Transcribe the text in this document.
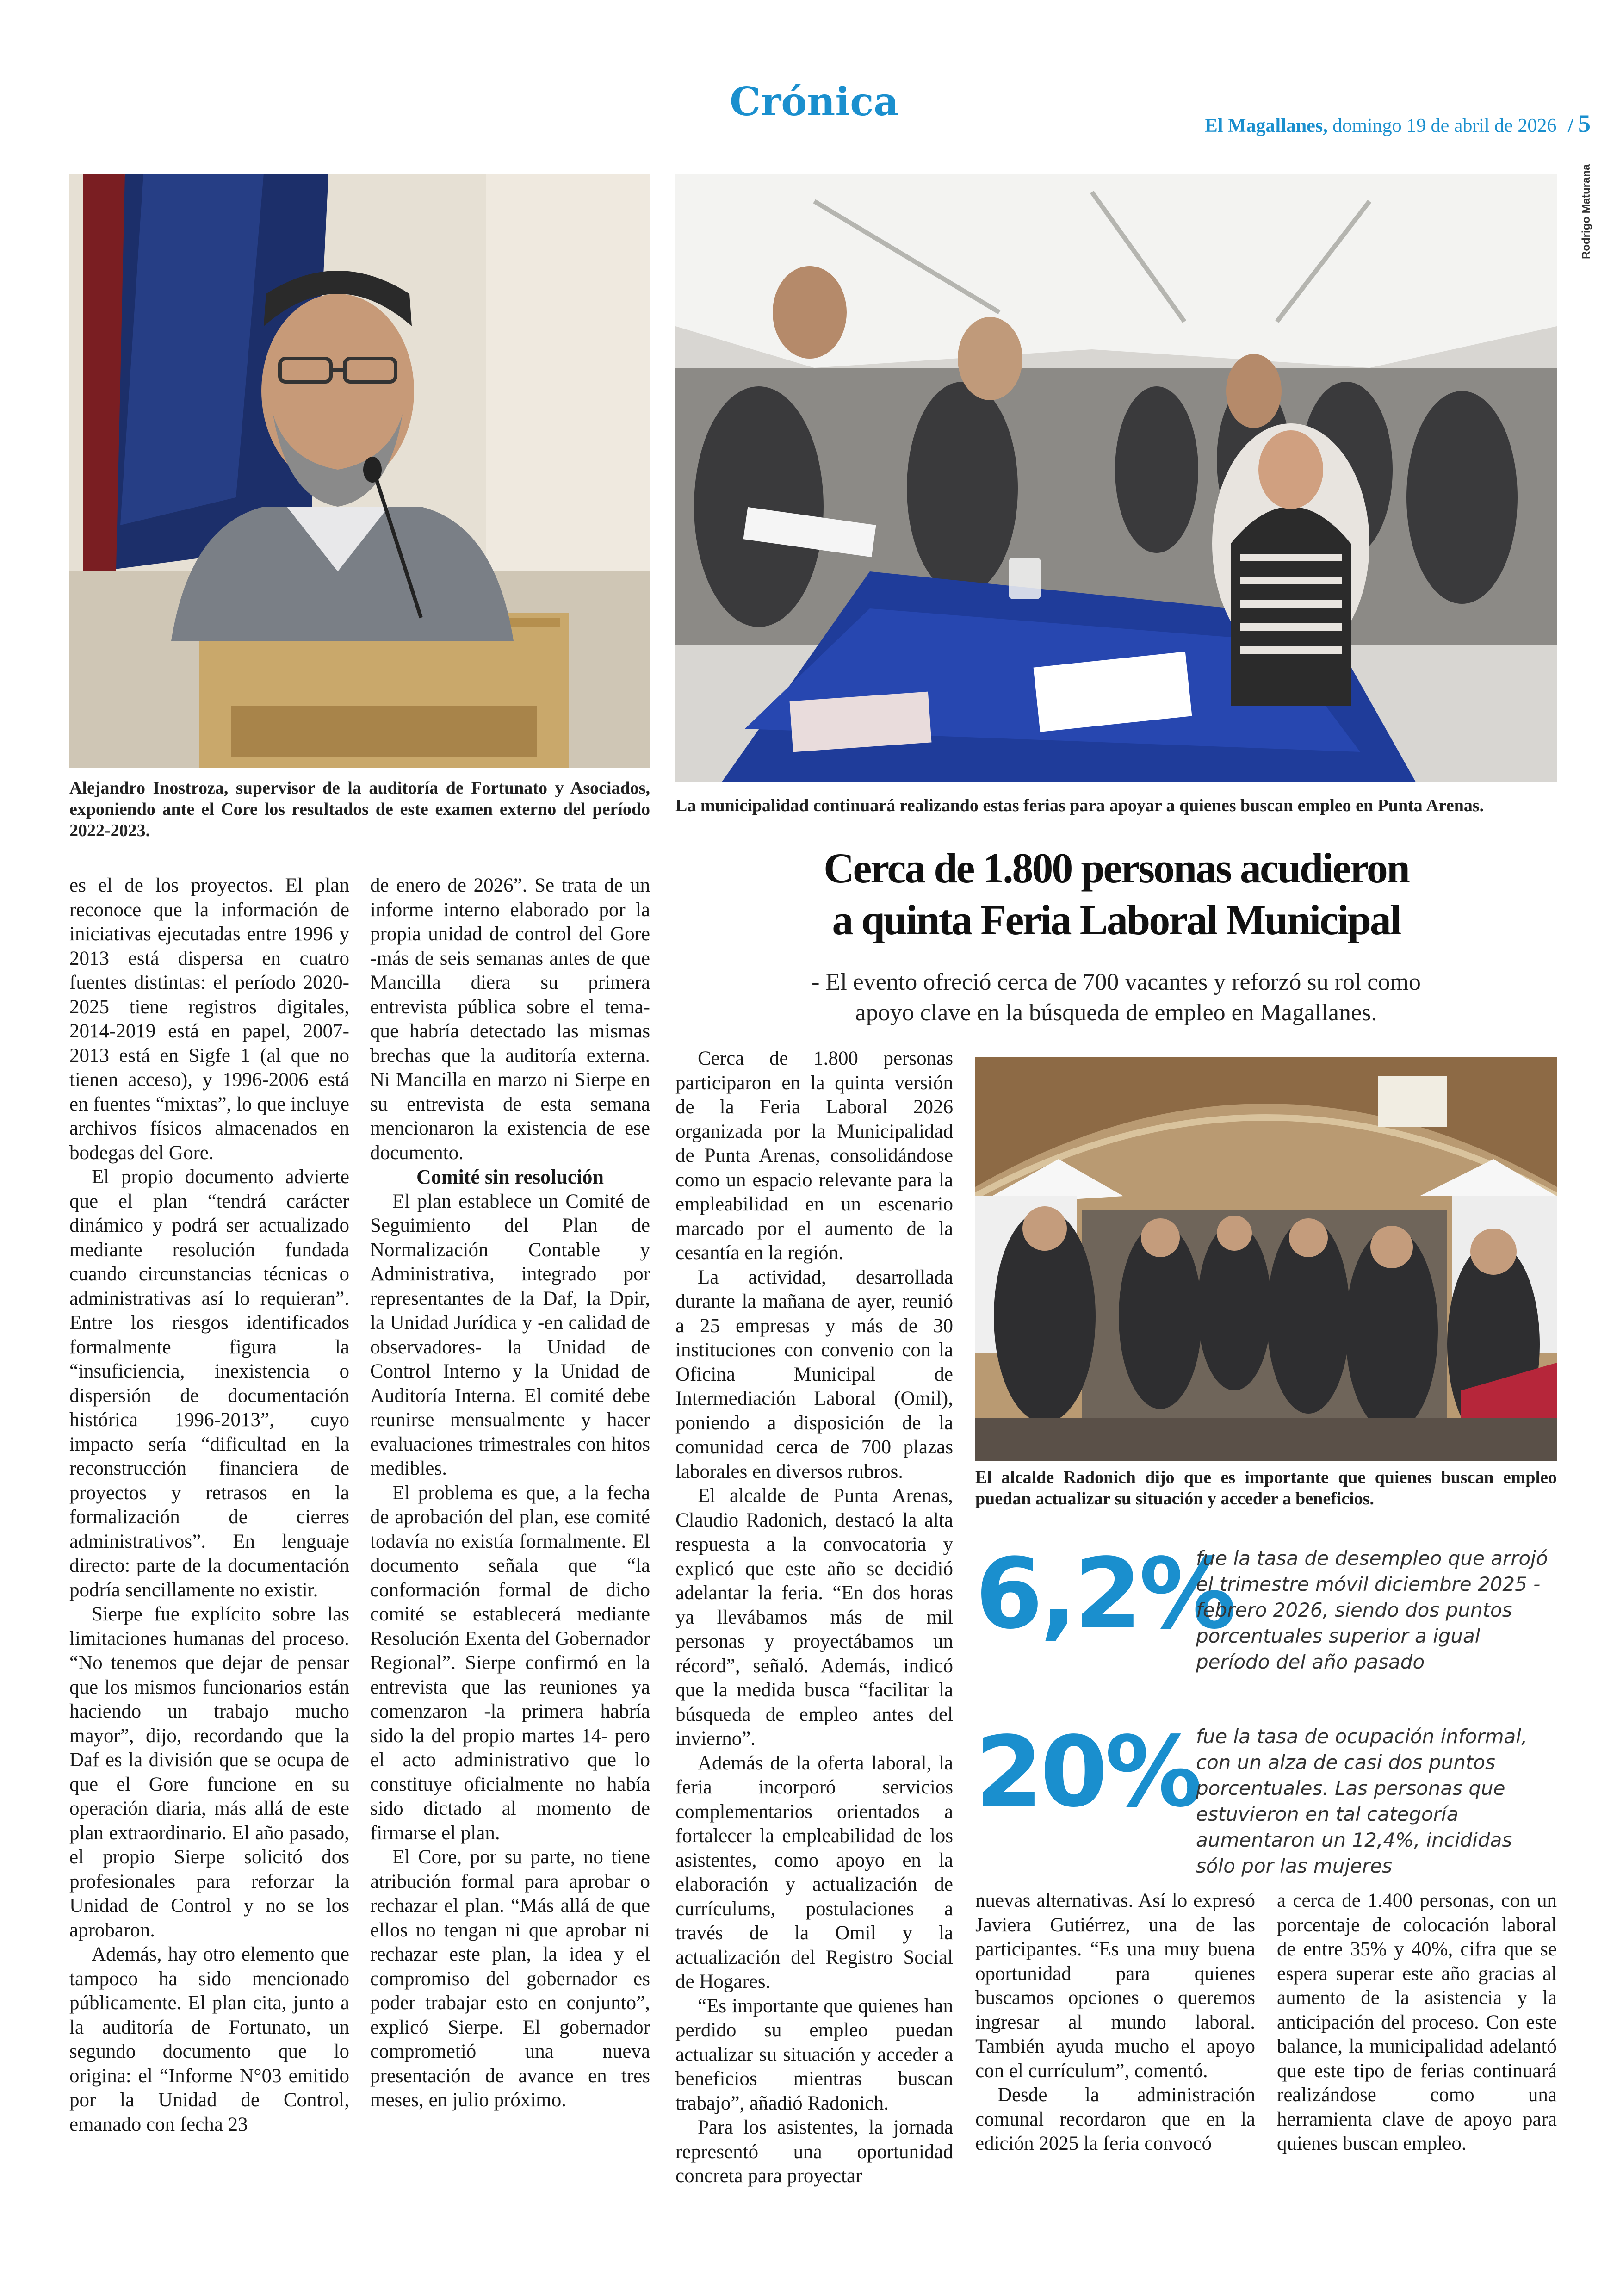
Crónica
El Magallanes, domingo 19 de abril de 2026 / 5
Alejandro Inostroza, supervisor de la auditoría de Fortunato y Asociados, exponiendo ante el Core los resultados de este examen externo del período 2022-2023.
Rodrigo Maturana
La municipalidad continuará realizando estas ferias para apoyar a quienes buscan empleo en Punta Arenas.
Cerca de 1.800 personas acudieron
a quinta Feria Laboral Municipal
- El evento ofreció cerca de 700 vacantes y reforzó su rol como
apoyo clave en la búsqueda de empleo en Magallanes.

es el de los proyectos. El plan reconoce que la información de iniciativas ejecutadas entre 1996 y 2013 está dispersa en cuatro fuentes distintas: el período 2020-2025 tiene registros digitales, 2014-2019 está en papel, 2007-2013 está en Sigfe 1 (al que no tienen acceso), y 1996-2006 está en fuentes “mixtas”, lo que incluye archivos físicos almacenados en bodegas del Gore.

El propio documento advierte que el plan “tendrá carácter dinámico y podrá ser actualizado mediante resolución fundada cuando circunstancias técnicas o administrativas así lo requieran”. Entre los riesgos identificados formalmente figura la “insuficiencia, inexistencia o dispersión de documentación histórica 1996-2013”, cuyo impacto sería “dificultad en la reconstrucción financiera de proyectos y retrasos en la formalización de cierres administrativos”. En lenguaje directo: parte de la documentación podría sencillamente no existir.

Sierpe fue explícito sobre las limitaciones humanas del proceso. “No tenemos que dejar de pensar que los mismos funcionarios están haciendo un trabajo mucho mayor”, dijo, recordando que la Daf es la división que se ocupa de que el Gore funcione en su operación diaria, más allá de este plan extraordinario. El año pasado, el propio Sierpe solicitó dos profesionales para reforzar la Unidad de Control y no se los aprobaron.

Además, hay otro elemento que tampoco ha sido mencionado públicamente. El plan cita, junto a la auditoría de Fortunato, un segundo documento que lo origina: el “Informe N°03 emitido por la Unidad de Control, emanado con fecha 23

de enero de 2026”. Se trata de un informe interno elaborado por la propia unidad de control del Gore -más de seis semanas antes de que Mancilla diera su primera entrevista pública sobre el tema- que habría detectado las mismas brechas que la auditoría externa. Ni Mancilla en marzo ni Sierpe en su entrevista de esta semana mencionaron la existencia de ese documento.

Comité sin resolución

El plan establece un Comité de Seguimiento del Plan de Normalización Contable y Administrativa, integrado por representantes de la Daf, la Dpir, la Unidad Jurídica y -en calidad de observadores- la Unidad de Control Interno y la Unidad de Auditoría Interna. El comité debe reunirse mensualmente y hacer evaluaciones trimestrales con hitos medibles.

El problema es que, a la fecha de aprobación del plan, ese comité todavía no existía formalmente. El documento señala que “la conformación formal de dicho comité se establecerá mediante Resolución Exenta del Gobernador Regional”. Sierpe confirmó en la entrevista que las reuniones ya comenzaron -la primera habría sido la del propio martes 14- pero el acto administrativo que lo constituye oficialmente no había sido dictado al momento de firmarse el plan.

El Core, por su parte, no tiene atribución formal para aprobar o rechazar el plan. “Más allá de que ellos no tengan ni que aprobar ni rechazar este plan, la idea y el compromiso del gobernador es poder trabajar esto en conjunto”, explicó Sierpe. El gobernador comprometió una nueva presentación de avance en tres meses, en julio próximo.

Cerca de 1.800 personas participaron en la quinta versión de la Feria Laboral 2026 organizada por la Municipalidad de Punta Arenas, consolidándose como un espacio relevante para la empleabilidad en un escenario marcado por el aumento de la cesantía en la región.

La actividad, desarrollada durante la mañana de ayer, reunió a 25 empresas y más de 30 instituciones con convenio con la Oficina Municipal de Intermediación Laboral (Omil), poniendo a disposición de la comunidad cerca de 700 plazas laborales en diversos rubros.

El alcalde de Punta Arenas, Claudio Radonich, destacó la alta respuesta a la convocatoria y explicó que este año se decidió adelantar la feria. “En dos horas ya llevábamos más de mil personas y proyectábamos un récord”, señaló. Además, indicó que la medida busca “facilitar la búsqueda de empleo antes del invierno”.

Además de la oferta laboral, la feria incorporó servicios complementarios orientados a fortalecer la empleabilidad de los asistentes, como apoyo en la elaboración y actualización de currículums, postulaciones a través de la Omil y la actualización del Registro Social de Hogares.

“Es importante que quienes han perdido su empleo puedan actualizar su situación y acceder a beneficios mientras buscan trabajo”, añadió Radonich.

Para los asistentes, la jornada representó una oportunidad concreta para proyectar

El alcalde Radonich dijo que es importante que quienes buscan empleo puedan actualizar su situación y acceder a beneficios.
6,2%
fue la tasa de desempleo que arrojó el trimestre móvil diciembre 2025 - febrero 2026, siendo dos puntos porcentuales superior a igual período del año pasado
20%
fue la tasa de ocupación informal, con un alza de casi dos puntos porcentuales. Las personas que estuvieron en tal categoría aumentaron un 12,4%, incididas sólo por las mujeres

nuevas alternativas. Así lo expresó Javiera Gutiérrez, una de las participantes. “Es una muy buena oportunidad para quienes buscamos opciones o queremos ingresar al mundo laboral. También ayuda mucho el apoyo con el currículum”, comentó.

Desde la administración comunal recordaron que en la edición 2025 la feria convocó

a cerca de 1.400 personas, con un porcentaje de colocación laboral de entre 35% y 40%, cifra que se espera superar este año gracias al aumento de la asistencia y la anticipación del proceso. Con este balance, la municipalidad adelantó que este tipo de ferias continuará realizándose como una herramienta clave de apoyo para quienes buscan empleo.
